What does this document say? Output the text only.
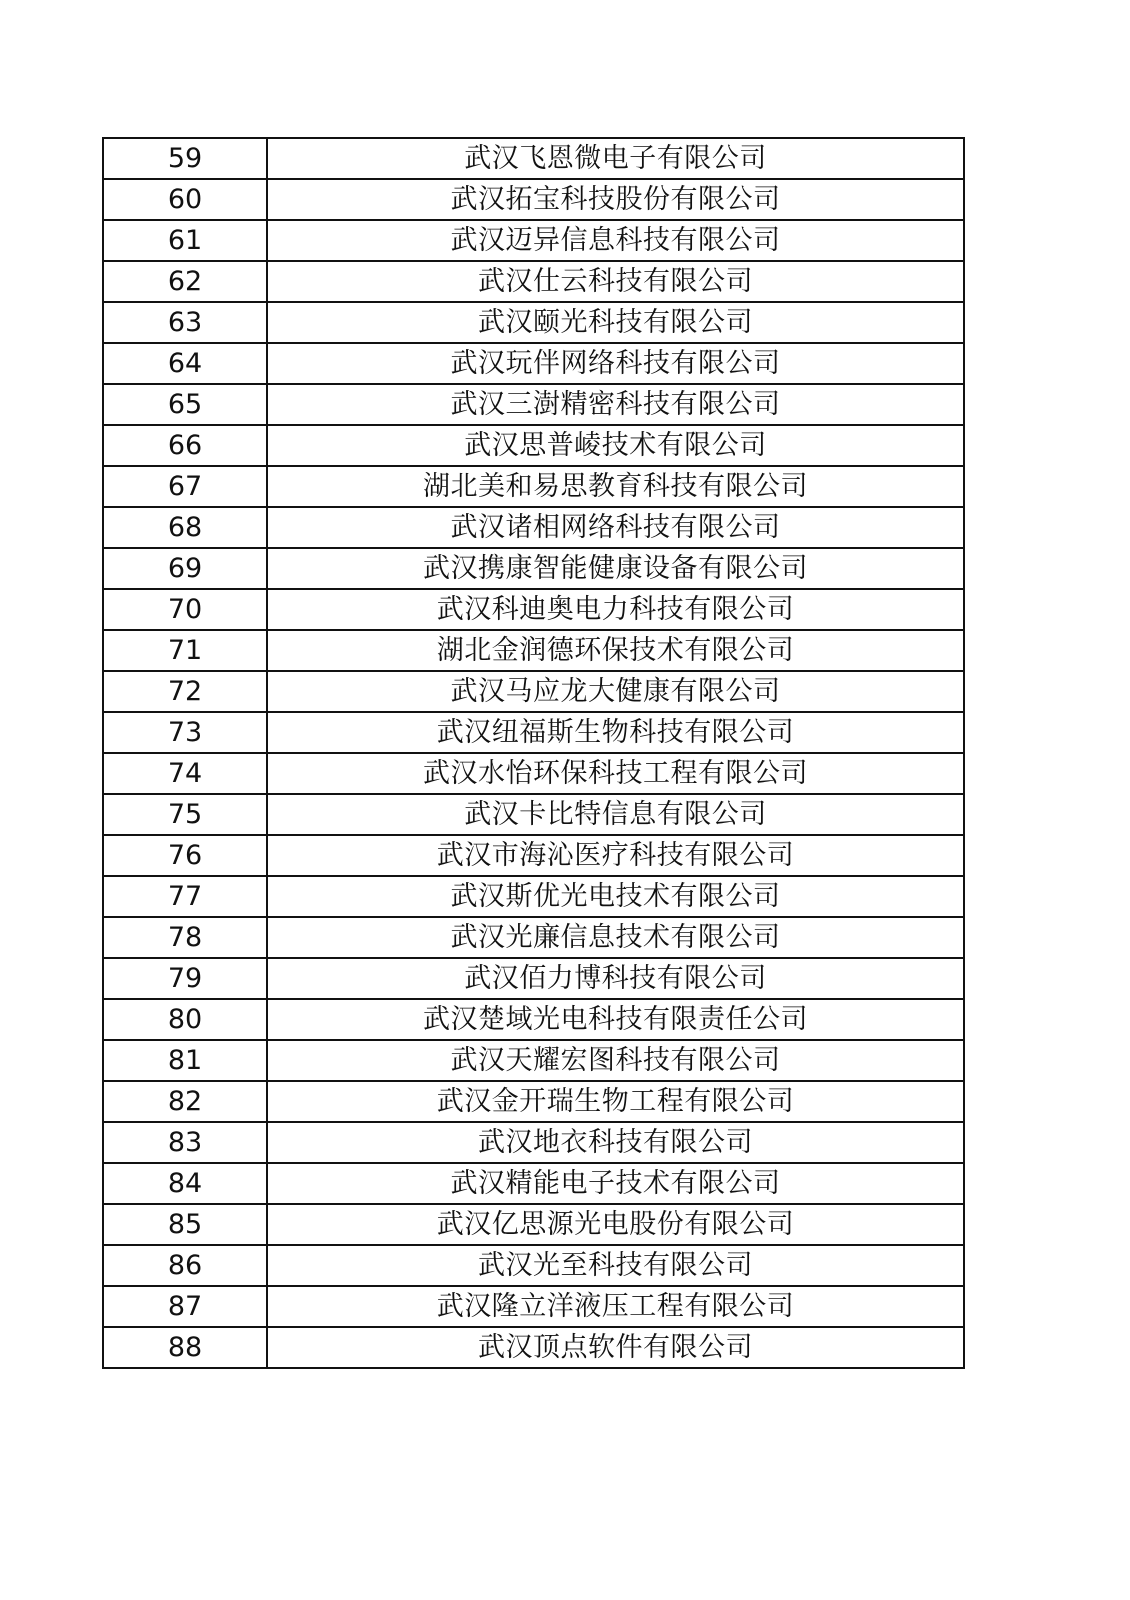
59	武汉飞恩微电子有限公司
60	武汉拓宝科技股份有限公司
61	武汉迈异信息科技有限公司
62	武汉仕云科技有限公司
63	武汉颐光科技有限公司
64	武汉玩伴网络科技有限公司
65	武汉三澍精密科技有限公司
66	武汉思普崚技术有限公司
67	湖北美和易思教育科技有限公司
68	武汉诸相网络科技有限公司
69	武汉携康智能健康设备有限公司
70	武汉科迪奥电力科技有限公司
71	湖北金润德环保技术有限公司
72	武汉马应龙大健康有限公司
73	武汉纽福斯生物科技有限公司
74	武汉水怡环保科技工程有限公司
75	武汉卡比特信息有限公司
76	武汉市海沁医疗科技有限公司
77	武汉斯优光电技术有限公司
78	武汉光廉信息技术有限公司
79	武汉佰力博科技有限公司
80	武汉楚域光电科技有限责任公司
81	武汉天耀宏图科技有限公司
82	武汉金开瑞生物工程有限公司
83	武汉地衣科技有限公司
84	武汉精能电子技术有限公司
85	武汉亿思源光电股份有限公司
86	武汉光至科技有限公司
87	武汉隆立洋液压工程有限公司
88	武汉顶点软件有限公司
